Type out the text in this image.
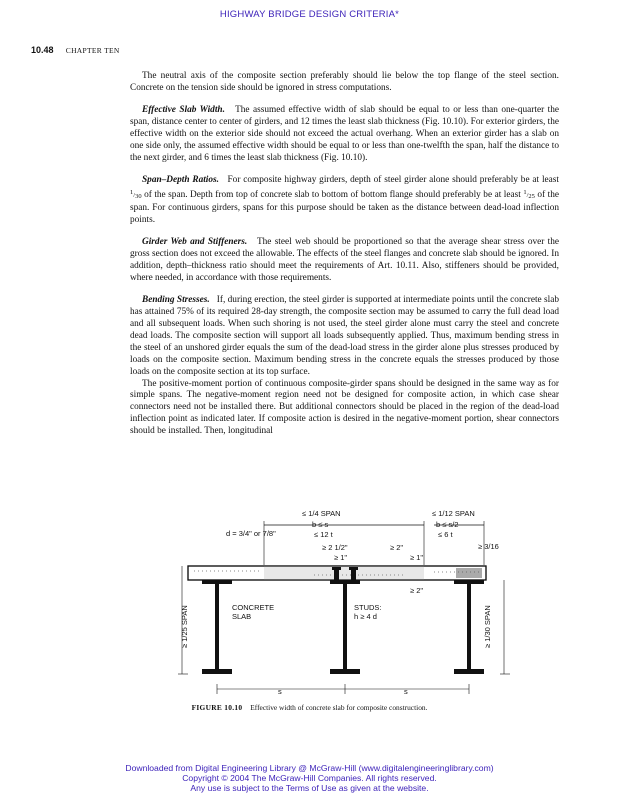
HIGHWAY BRIDGE DESIGN CRITERIA*
10.48 CHAPTER TEN

The neutral axis of the composite section preferably should lie below the top flange of the steel section. Concrete on the tension side should be ignored in stress computations.

Effective Slab Width. The assumed effective width of slab should be equal to or less than one-quarter the span, distance center to center of girders, and 12 times the least slab thickness (Fig. 10.10). For exterior girders, the effective width on the exterior side should not exceed the actual overhang. When an exterior girder has a slab on one side only, the assumed effective width should be equal to or less than one-twelfth the span, half the distance to the next girder, and 6 times the least slab thickness (Fig. 10.10).

Span–Depth Ratios. For composite highway girders, depth of steel girder alone should preferably be at least 1/30 of the span. Depth from top of concrete slab to bottom of bottom flange should preferably be at least 1/25 of the span. For continuous girders, spans for this purpose should be taken as the distance between dead-load inflection points.

Girder Web and Stiffeners. The steel web should be proportioned so that the average shear stress over the gross section does not exceed the allowable. The effects of the steel flanges and concrete slab should be ignored. In addition, depth–thickness ratio should meet the requirements of Art. 10.11. Also, stiffeners should be provided, where needed, in accordance with those requirements.

Bending Stresses. If, during erection, the steel girder is supported at intermediate points until the concrete slab has attained 75% of its required 28-day strength, the composite section may be assumed to carry the full dead load and all subsequent loads. When such shoring is not used, the steel girder alone must carry the steel and concrete dead loads. The composite section will support all loads subsequently applied. Thus, maximum bending stress in the steel of an unshored girder equals the sum of the dead-load stress in the girder alone plus stresses produced by loads on the composite section. Maximum bending stress in the concrete equals the stresses produced by those loads on the composite section at its top surface.

The positive-moment portion of continuous composite-girder spans should be designed in the same way as for simple spans. The negative-moment region need not be designed for composite action, in which case shear connectors need not be installed there. But additional connectors should be placed in the region of the dead-load inflection point as indicated later. If composite action is desired in the negative-moment portion, shear connectors should be installed. Then, longitudinal

≤ 1/4 SPAN
b ≤ s
≤ 12 t
≤ 1/12 SPAN
b ≤ s/2
≤ 6 t
d = 3/4" or 7/8"
≥ 2 1/2"
≥ 1"
≥ 2"
≥ 1"
≥ 3/16
≥ 2"
CONCRETE
SLAB
STUDS:
h ≥ 4 d
≥ 1/25 SPAN	≥ 1/30 SPAN
s	s
FIGURE 10.10 Effective width of concrete slab for composite construction.
Downloaded from Digital Engineering Library @ McGraw-Hill (www.digitalengineeringlibrary.com)
Copyright © 2004 The McGraw-Hill Companies. All rights reserved.
Any use is subject to the Terms of Use as given at the website.
